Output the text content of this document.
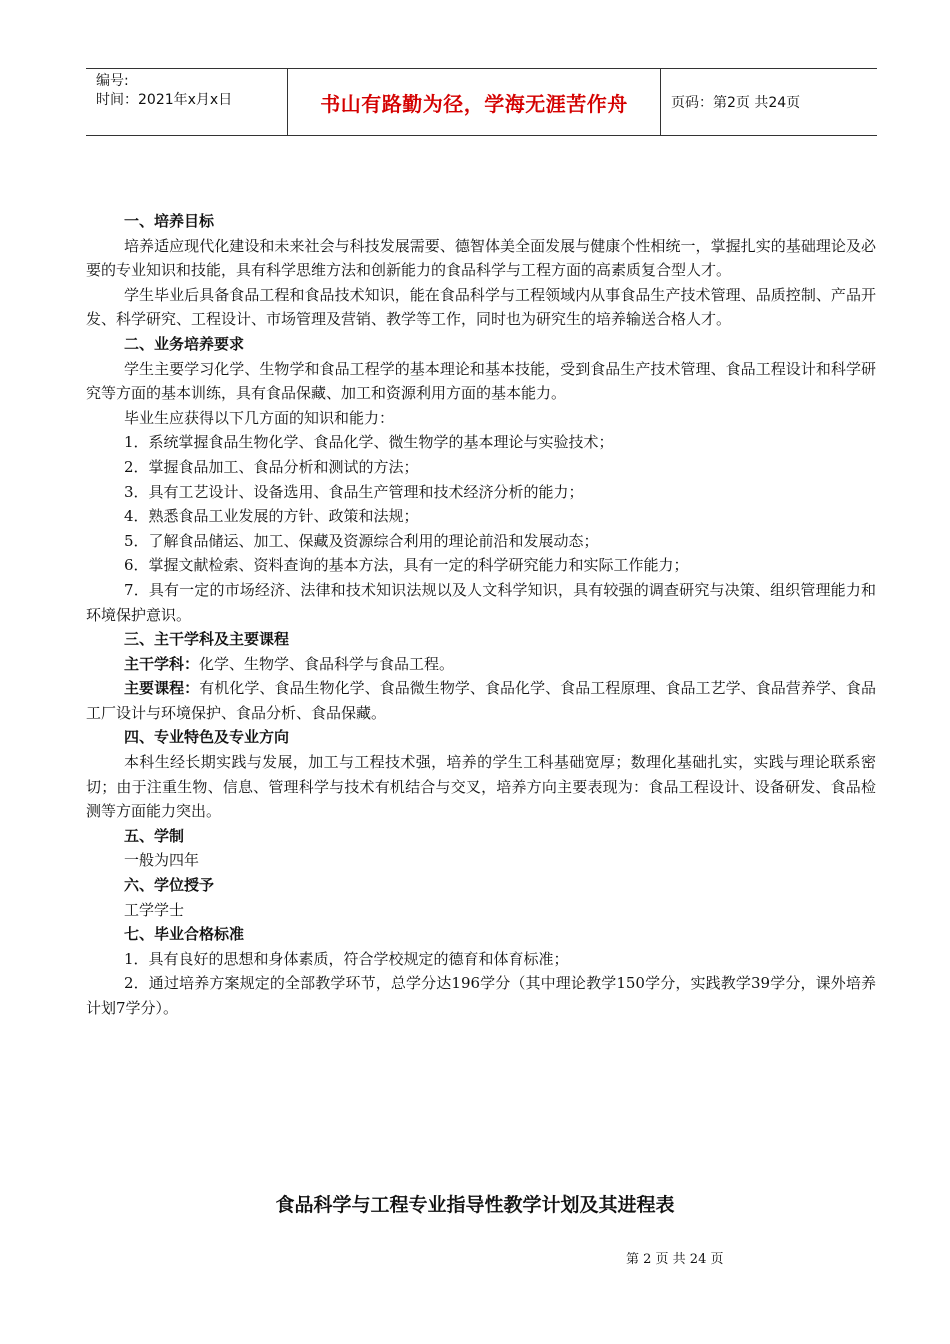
编号:
时间：2021年x月x日	书山有路勤为径，学海无涯苦作舟	页码：第2页 共24页

一、培养目标

培养适应现代化建设和未来社会与科技发展需要、德智体美全面发展与健康个性相统一，掌握扎实的基础理论及必要的专业知识和技能，具有科学思维方法和创新能力的食品科学与工程方面的高素质复合型人才。

学生毕业后具备食品工程和食品技术知识，能在食品科学与工程领域内从事食品生产技术管理、品质控制、产品开发、科学研究、工程设计、市场管理及营销、教学等工作，同时也为研究生的培养输送合格人才。

二、业务培养要求

学生主要学习化学、生物学和食品工程学的基本理论和基本技能，受到食品生产技术管理、食品工程设计和科学研究等方面的基本训练，具有食品保藏、加工和资源利用方面的基本能力。

毕业生应获得以下几方面的知识和能力：

1．系统掌握食品生物化学、食品化学、微生物学的基本理论与实验技术；

2．掌握食品加工、食品分析和测试的方法；

3．具有工艺设计、设备选用、食品生产管理和技术经济分析的能力；

4．熟悉食品工业发展的方针、政策和法规；

5．了解食品储运、加工、保藏及资源综合利用的理论前沿和发展动态；

6．掌握文献检索、资料查询的基本方法，具有一定的科学研究能力和实际工作能力；

7．具有一定的市场经济、法律和技术知识法规以及人文科学知识，具有较强的调查研究与决策、组织管理能力和环境保护意识。

三、主干学科及主要课程

主干学科：化学、生物学、食品科学与食品工程。

主要课程：有机化学、食品生物化学、食品微生物学、食品化学、食品工程原理、食品工艺学、食品营养学、食品工厂设计与环境保护、食品分析、食品保藏。

四、专业特色及专业方向

本科生经长期实践与发展，加工与工程技术强，培养的学生工科基础宽厚；数理化基础扎实，实践与理论联系密切；由于注重生物、信息、管理科学与技术有机结合与交叉，培养方向主要表现为：食品工程设计、设备研发、食品检测等方面能力突出。

五、学制

一般为四年

六、学位授予

工学学士

七、毕业合格标准

1．具有良好的思想和身体素质，符合学校规定的德育和体育标准；

2．通过培养方案规定的全部教学环节，总学分达196学分（其中理论教学150学分，实践教学39学分，课外培养计划7学分）。

食品科学与工程专业指导性教学计划及其进程表
第 2 页 共 24 页
